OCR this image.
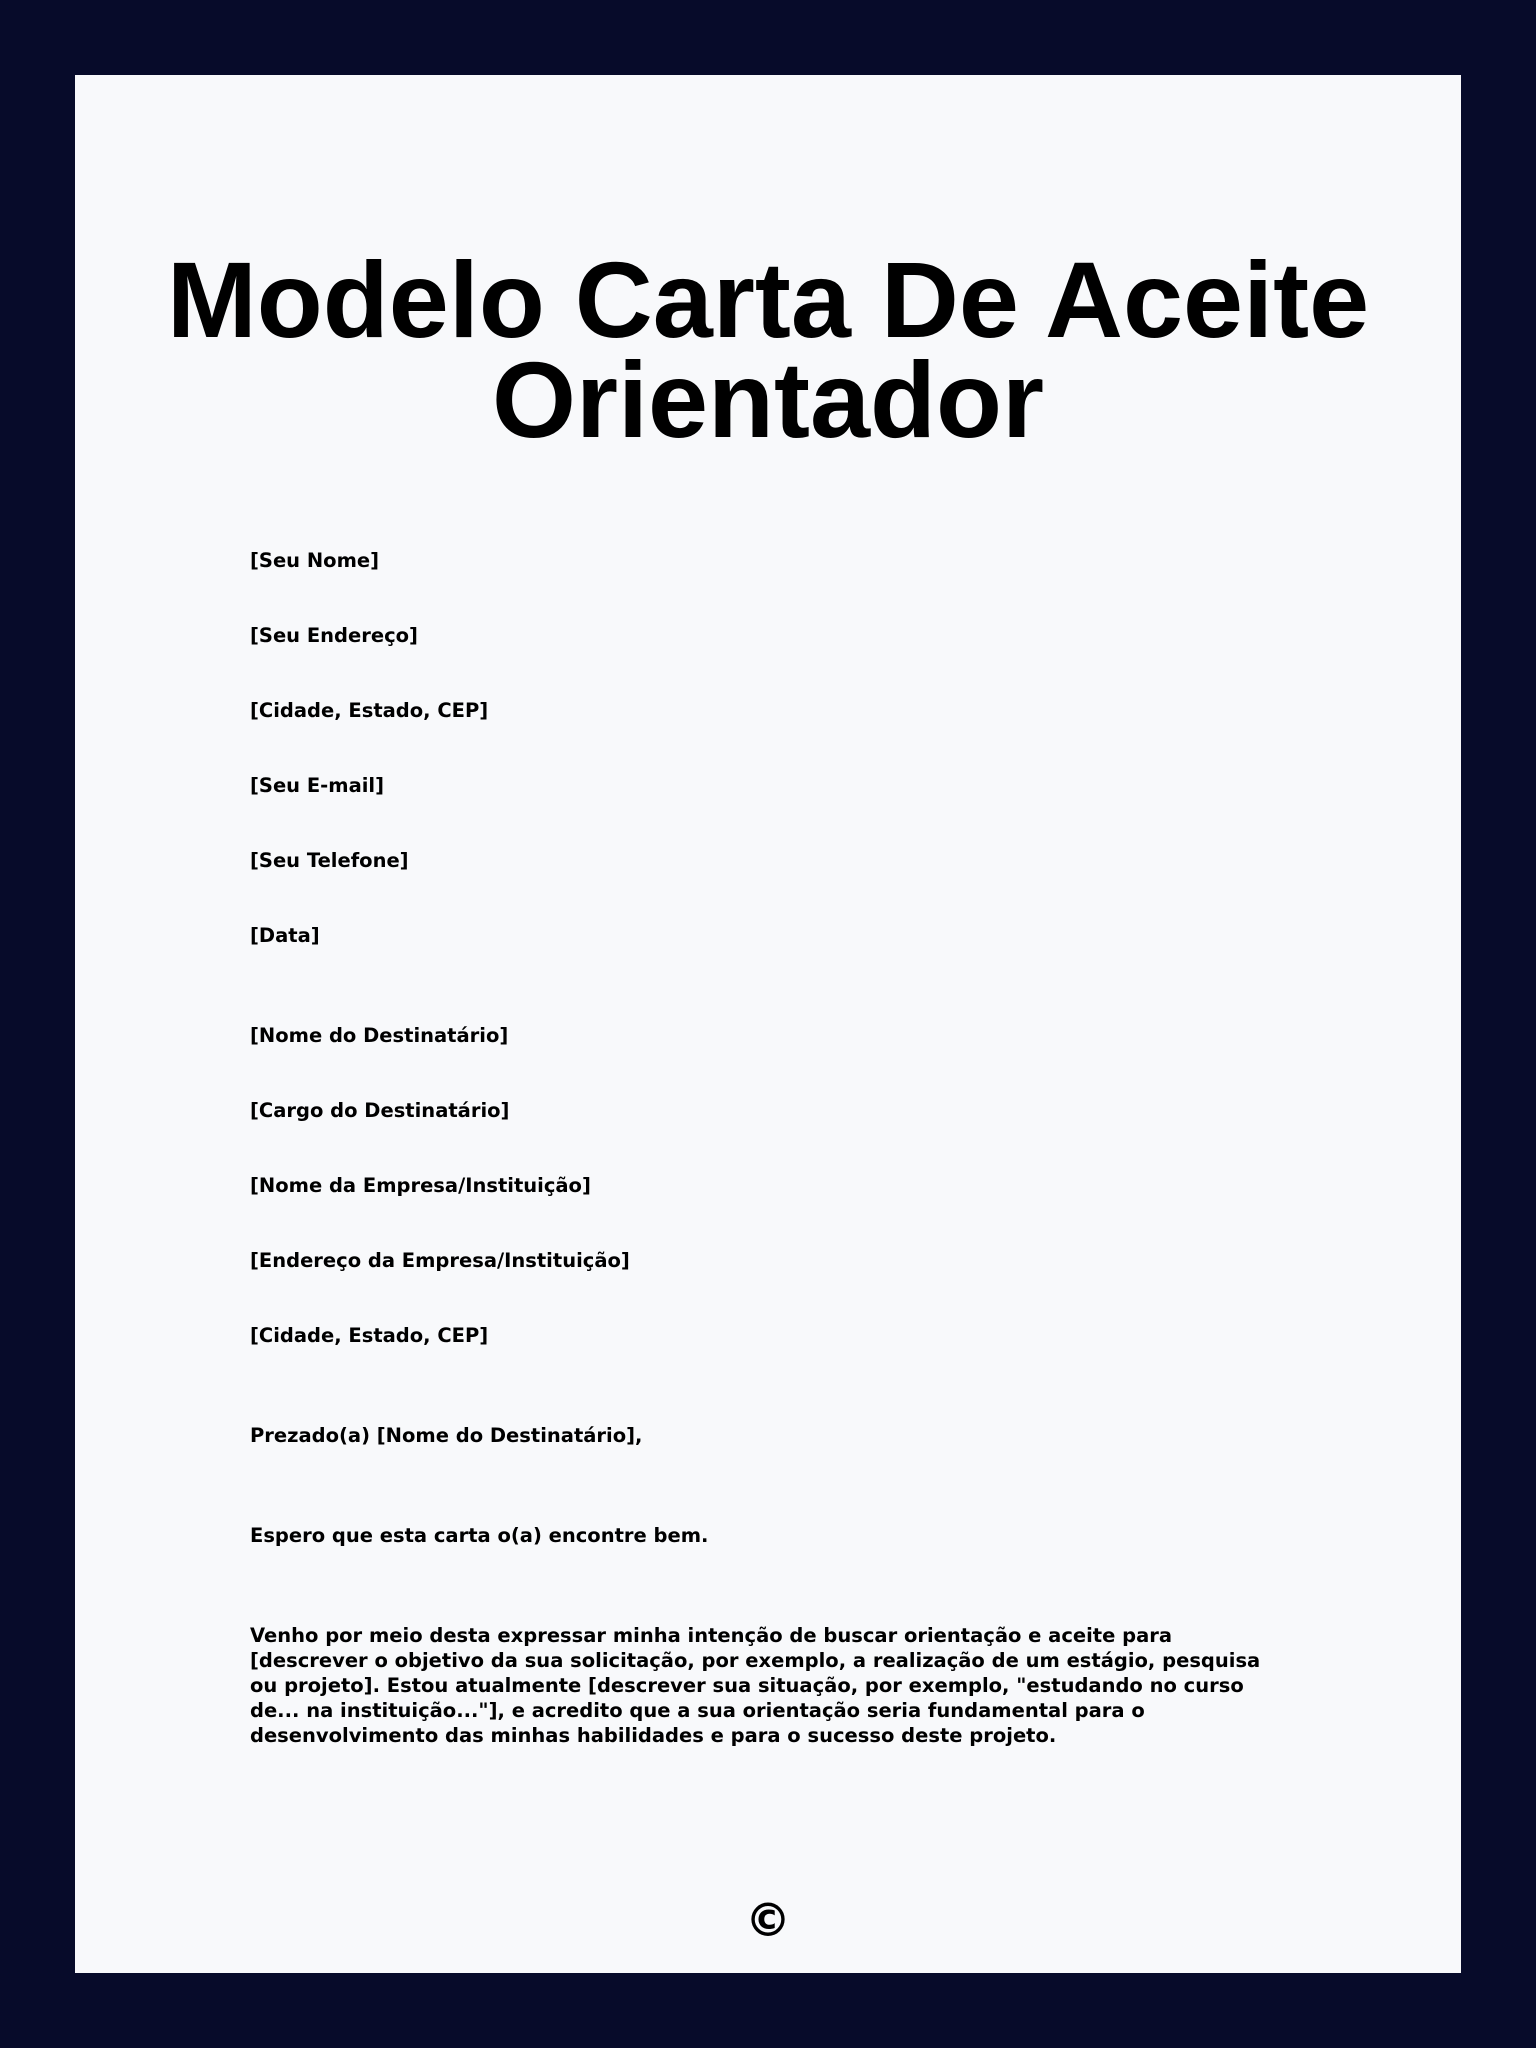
Modelo Carta De Aceite
Orientador
[Seu Nome]
[Seu Endereço]
[Cidade, Estado, CEP]
[Seu E-mail]
[Seu Telefone]
[Data]
[Nome do Destinatário]
[Cargo do Destinatário]
[Nome da Empresa/Instituição]
[Endereço da Empresa/Instituição]
[Cidade, Estado, CEP]
Prezado(a) [Nome do Destinatário],
Espero que esta carta o(a) encontre bem.
Venho por meio desta expressar minha intenção de buscar orientação e aceite para [descrever o objetivo da sua solicitação, por exemplo, a realização de um estágio, pesquisa ou projeto]. Estou atualmente [descrever sua situação, por exemplo, "estudando no curso de... na instituição..."], e acredito que a sua orientação seria fundamental para o desenvolvimento das minhas habilidades e para o sucesso deste projeto.
©
